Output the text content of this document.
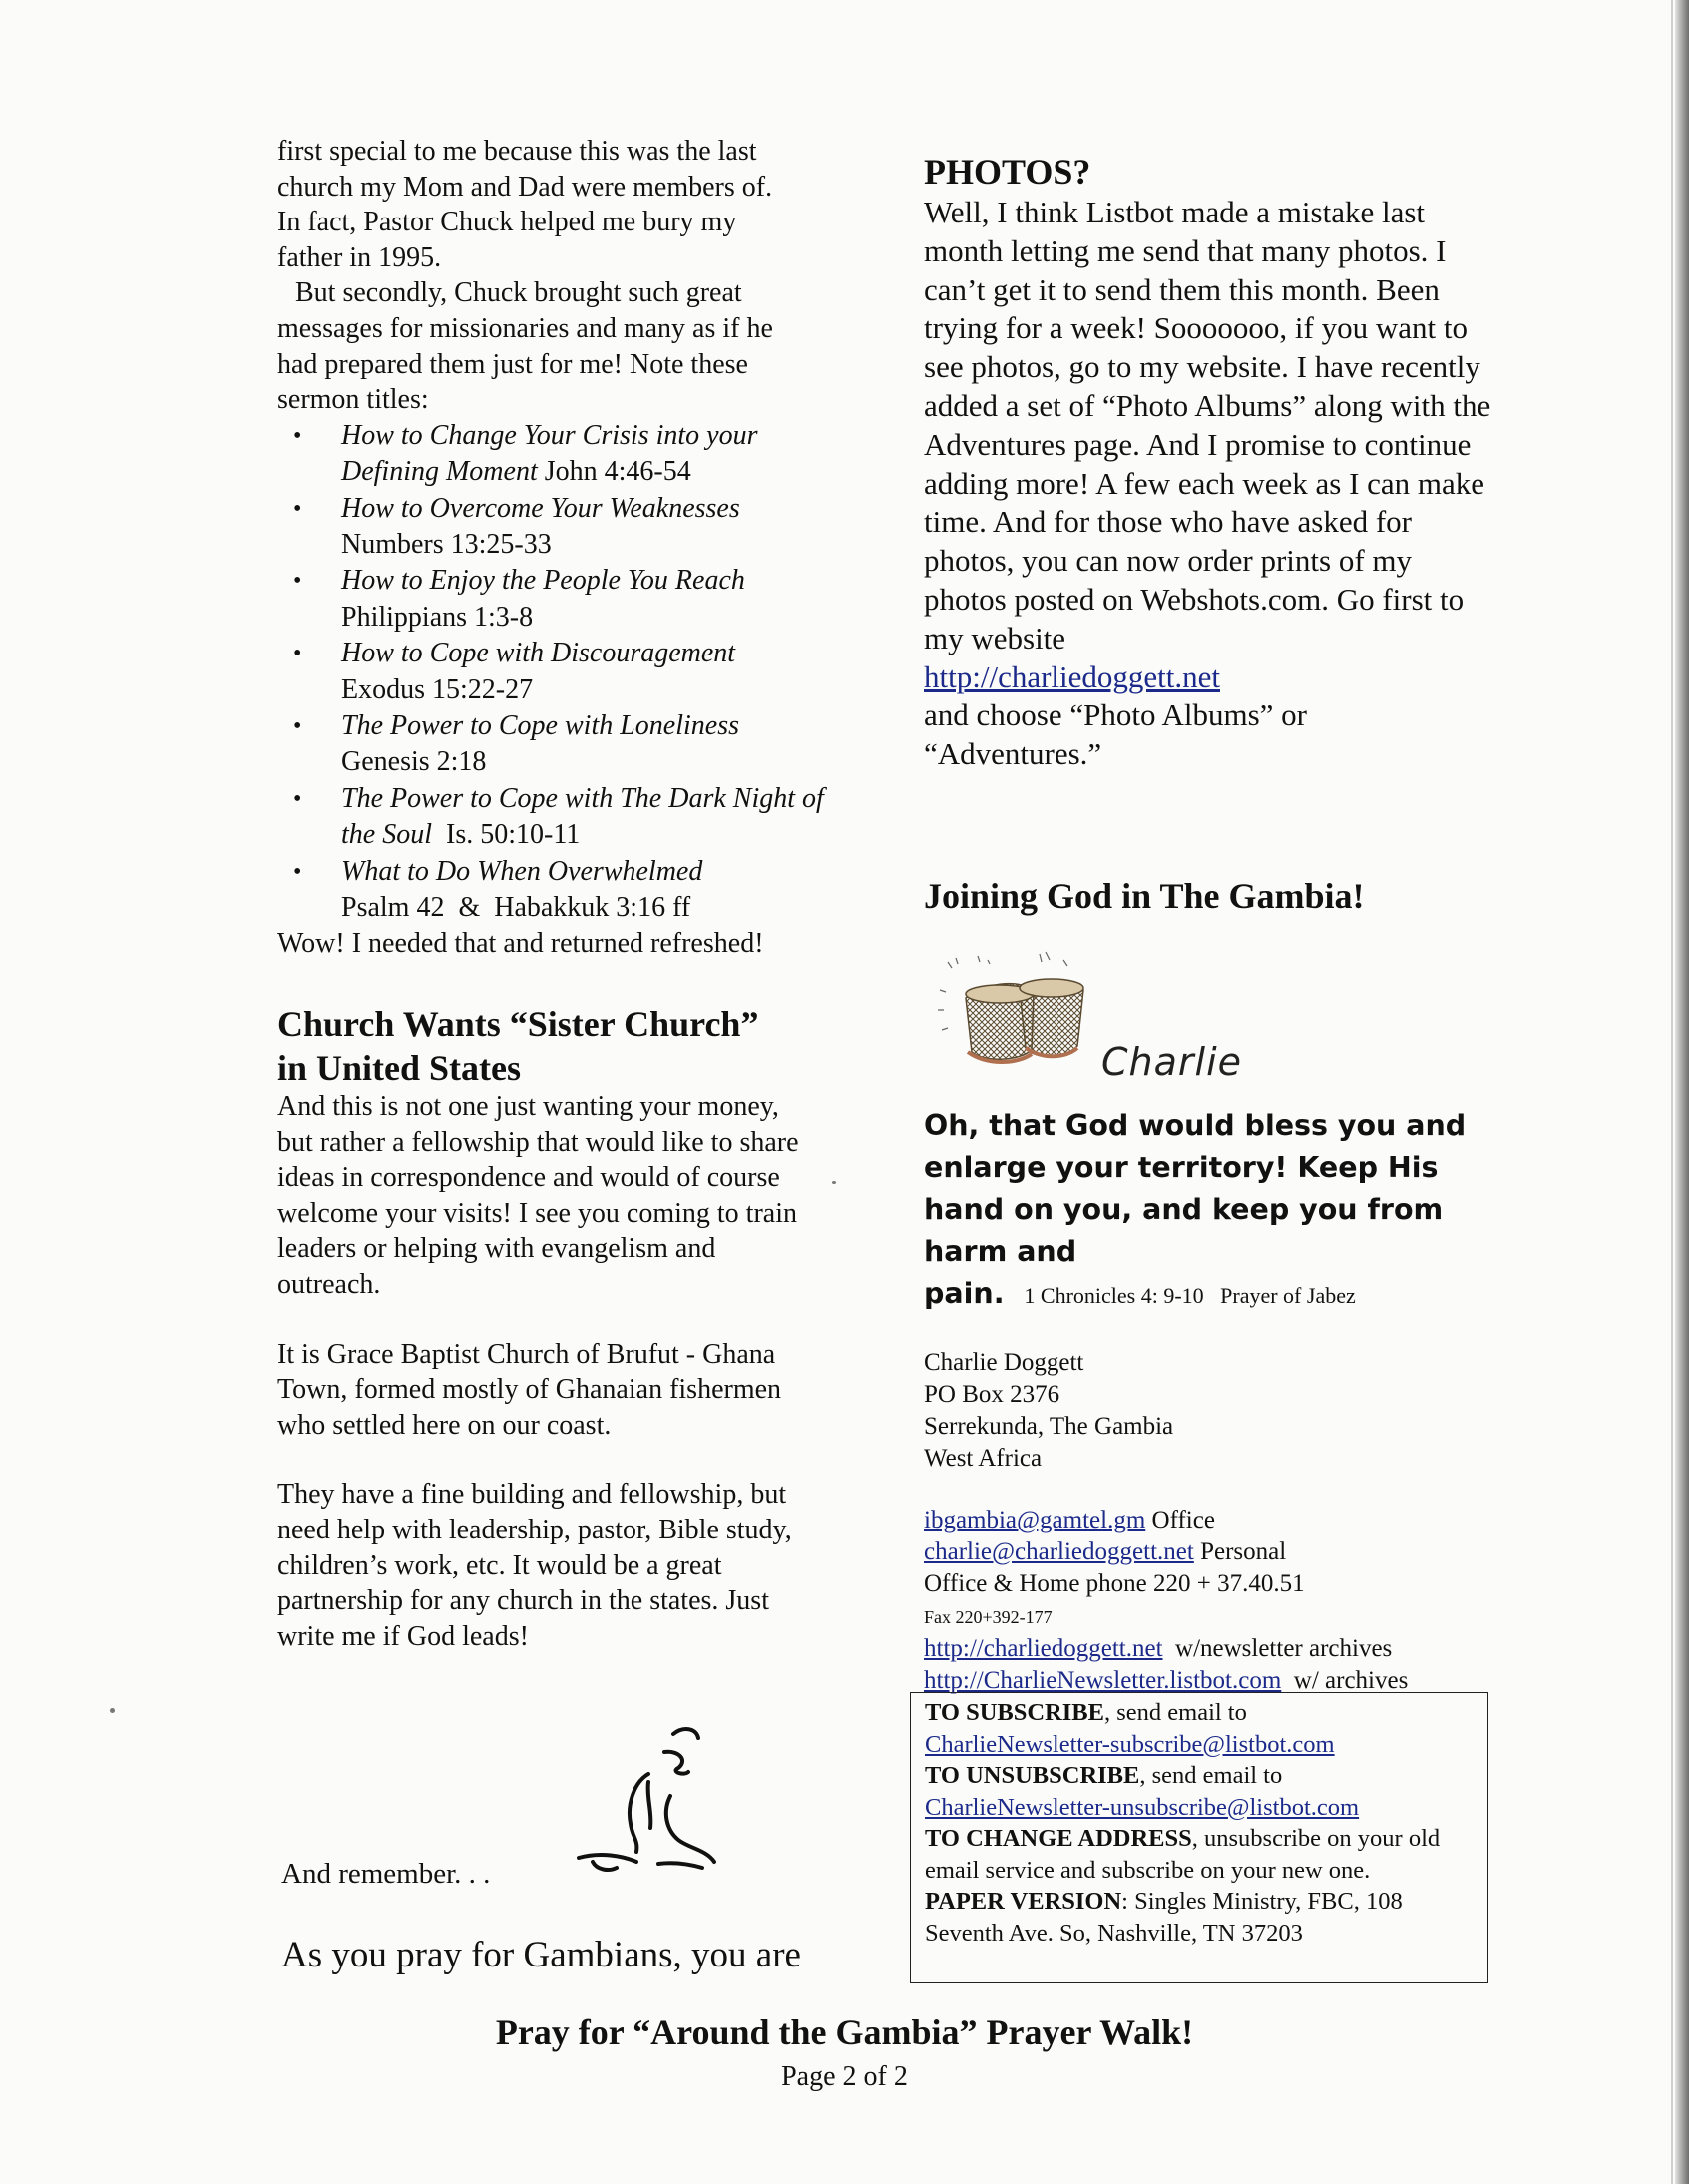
first special to me because this was the last
church my Mom and Dad were members of.
In fact, Pastor Chuck helped me bury my
father in 1995.

But secondly, Chuck brought such great
messages for missionaries and many as if he
had prepared them just for me! Note these
sermon titles:

• How to Change Your Crisis into your Defining Moment John 4:46-54
• How to Overcome Your Weaknesses
Numbers 13:25-33
• How to Enjoy the People You Reach
Philippians 1:3-8
• How to Cope with Discouragement
Exodus 15:22-27
• The Power to Cope with Loneliness
Genesis 2:18
• The Power to Cope with The Dark Night of the Soul Is. 50:10-11
• What to Do When Overwhelmed
Psalm 42  &  Habakkuk 3:16 ff

Wow! I needed that and returned refreshed!

Church Wants “Sister Church”
in United States

And this is not one just wanting your money, but rather a fellowship that would like to share ideas in correspondence and would of course welcome your visits! I see you coming to train leaders or helping with evangelism and outreach.

It is Grace Baptist Church of Brufut - Ghana Town, formed mostly of Ghanaian fishermen who settled here on our coast.

They have a fine building and fellowship, but need help with leadership, pastor, Bible study, children’s work, etc. It would be a great partnership for any church in the states. Just write me if God leads!

And remember. . .
As you pray for Gambians, you are
PHOTOS?

Well, I think Listbot made a mistake last month letting me send that many photos. I can’t get it to send them this month. Been trying for a week! Sooooooo, if you want to see photos, go to my website. I have recently added a set of “Photo Albums” along with the Adventures page. And I promise to continue adding more! A few each week as I can make time. And for those who have asked for photos, you can now order prints of my photos posted on Webshots.com. Go first to my website

http://charliedoggett.net

and choose “Photo Albums” or “Adventures.”

Joining God in The Gambia!
Charlie

Oh, that God would bless you and enlarge your territory! Keep His hand on you, and keep you from harm and pain. 1 Chronicles 4: 9-10   Prayer of Jabez

Charlie Doggett
PO Box 2376
Serrekunda, The Gambia
West Africa

ibgambia@gamtel.gm Office
charlie@charliedoggett.net Personal
Office & Home phone 220 + 37.40.51
Fax 220+392-177
http://charliedoggett.net w/newsletter archives
http://CharlieNewsletter.listbot.com w/ archives

TO SUBSCRIBE, send email to
CharlieNewsletter-subscribe@listbot.com
TO UNSUBSCRIBE, send email to
CharlieNewsletter-unsubscribe@listbot.com
TO CHANGE ADDRESS, unsubscribe on your old email service and subscribe on your new one.
PAPER VERSION: Singles Ministry, FBC, 108 Seventh Ave. So, Nashville, TN 37203
Pray for “Around the Gambia” Prayer Walk!
Page 2 of 2
